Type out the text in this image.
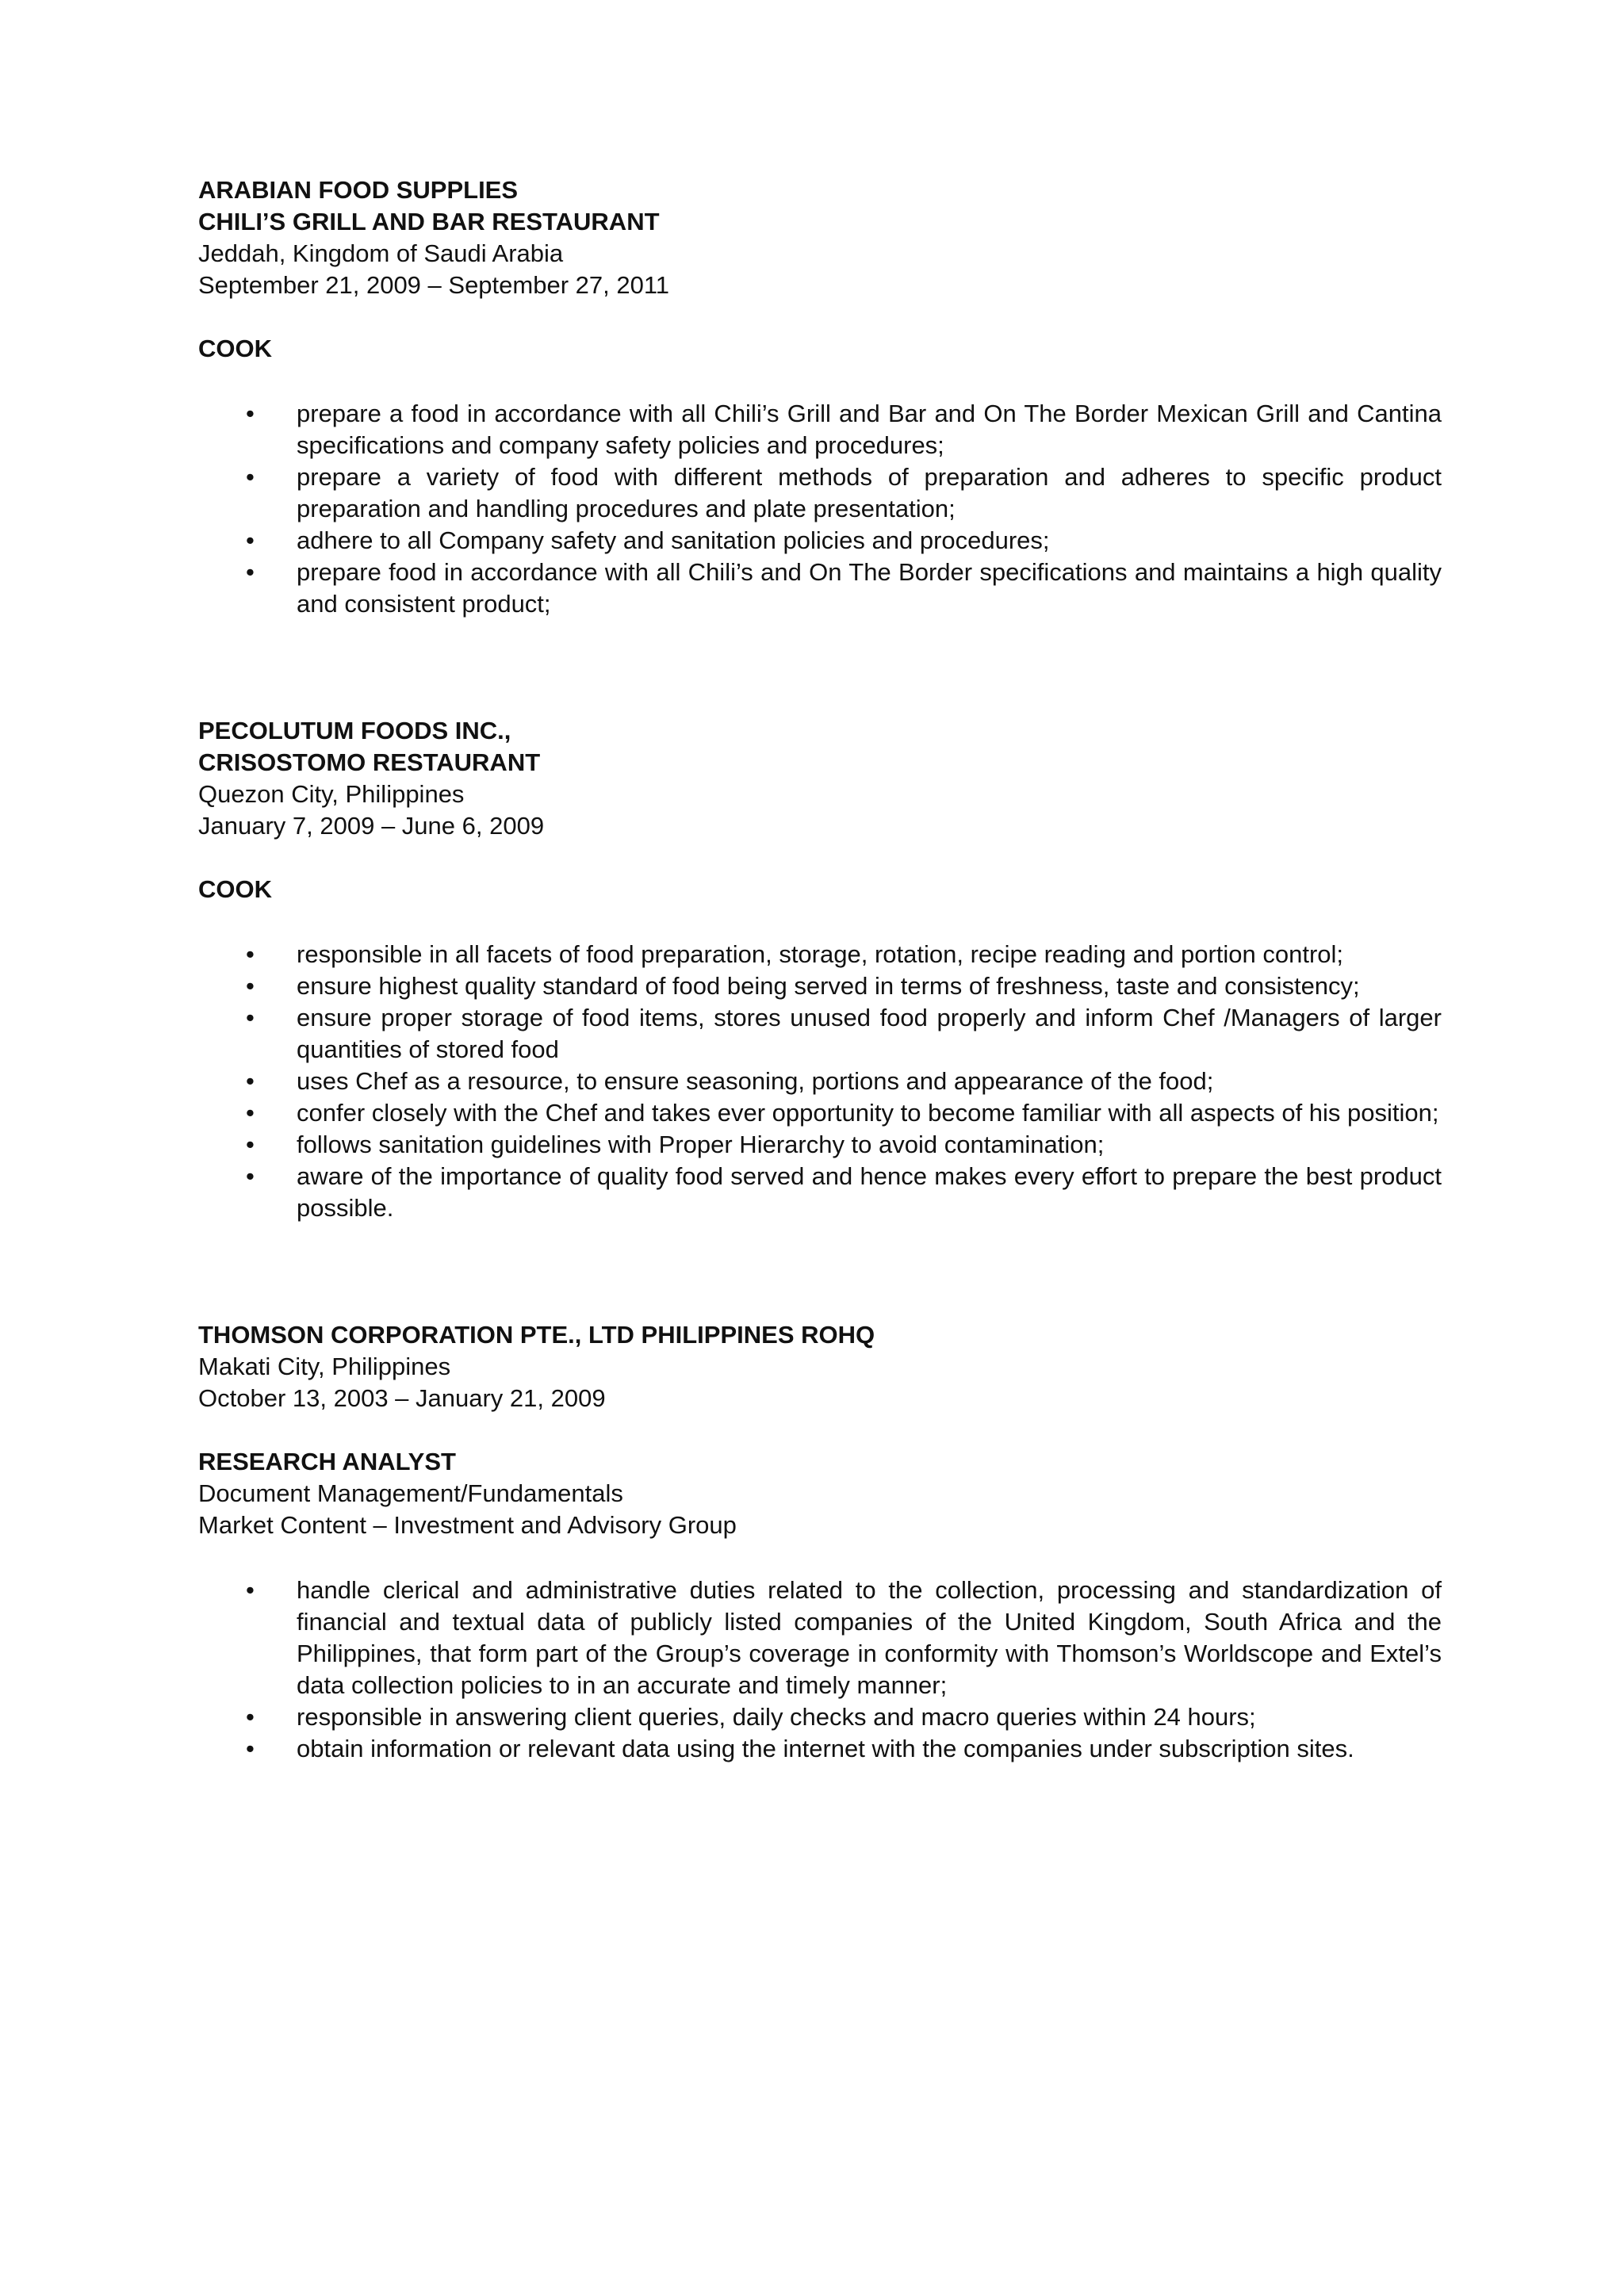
ARABIAN FOOD SUPPLIES
CHILI’S GRILL AND BAR RESTAURANT
Jeddah, Kingdom of Saudi Arabia
September 21, 2009 – September 27, 2011
COOK
• prepare a food in accordance with all Chili’s Grill and Bar and On The Border Mexican Grill and Cantina specifications and company safety policies and procedures;
• prepare a variety of food with different methods of preparation and adheres to specific product preparation and handling procedures and plate presentation;
• adhere to all Company safety and sanitation policies and procedures;
• prepare food in accordance with all Chili’s and On The Border specifications and maintains a high quality and consistent product;
PECOLUTUM FOODS INC.,
CRISOSTOMO RESTAURANT
Quezon City, Philippines
January 7, 2009 – June 6, 2009
COOK
• responsible in all facets of food preparation, storage, rotation, recipe reading and portion control;
• ensure highest quality standard of food being served in terms of freshness, taste and consistency;
• ensure proper storage of food items, stores unused food properly and inform Chef /Managers of larger quantities of stored food
• uses Chef as a resource, to ensure seasoning, portions and appearance of the food;
• confer closely with the Chef and takes ever opportunity to become familiar with all aspects of his position;
• follows sanitation guidelines with Proper Hierarchy to avoid contamination;
• aware of the importance of quality food served and hence makes every effort to prepare the best product possible.
THOMSON CORPORATION PTE., LTD PHILIPPINES ROHQ
Makati City, Philippines
October 13, 2003 – January 21, 2009
RESEARCH ANALYST
Document Management/Fundamentals
Market Content – Investment and Advisory Group
• handle clerical and administrative duties related to the collection, processing and standardization of financial and textual data of publicly listed companies of the United Kingdom, South Africa and the Philippines, that form part of the Group’s coverage in conformity with Thomson’s Worldscope and Extel’s data collection policies to in an accurate and timely manner;
• responsible in answering client queries, daily checks and macro queries within 24 hours;
• obtain information or relevant data using the internet with the companies under subscription sites.
